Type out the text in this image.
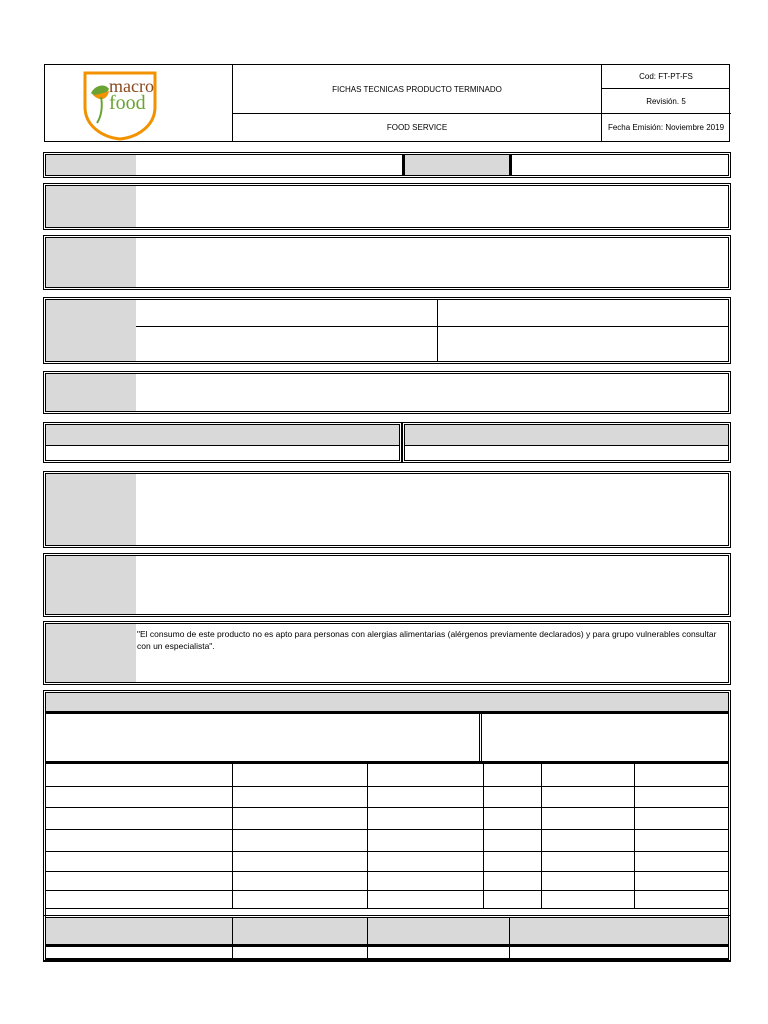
macro
food
FICHAS TECNICAS PRODUCTO TERMINADO
FOOD SERVICE
Cod: FT-PT-FS
Revisión. 5
Fecha Emisión: Noviembre 2019
"El consumo de este producto no es apto para personas con alergias alimentarias (alérgenos previamente declarados) y para grupo vulnerables consultar con un especialista".
